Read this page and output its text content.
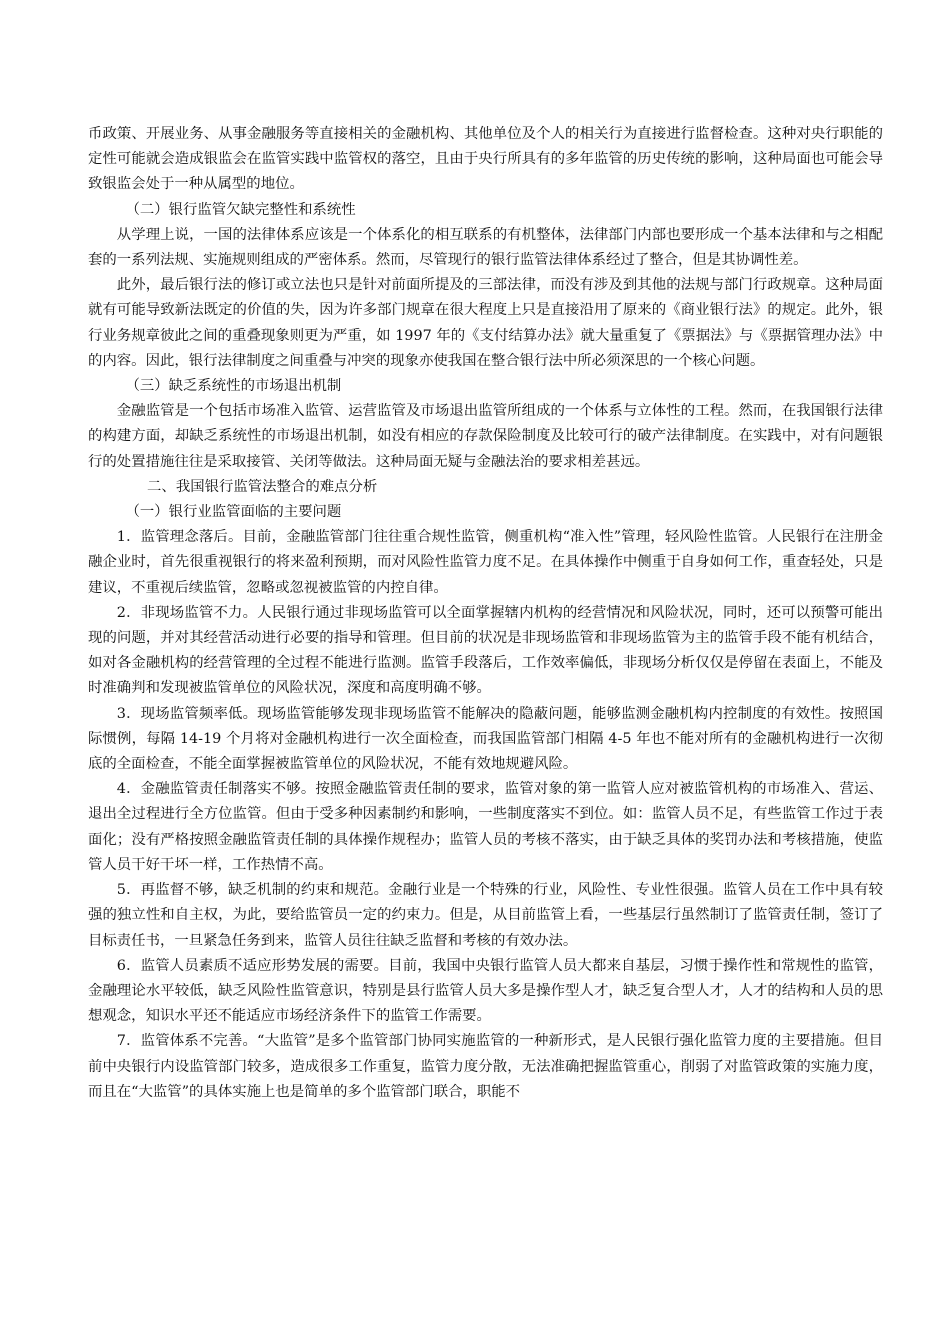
币政策、开展业务、从事金融服务等直接相关的金融机构、其他单位及个人的相关行为直接进行监督检查。这种对央行职能的定性可能就会造成银监会在监管实践中监管权的落空，且由于央行所具有的多年监管的历史传统的影响，这种局面也可能会导致银监会处于一种从属型的地位。

（二）银行监管欠缺完整性和系统性

从学理上说，一国的法律体系应该是一个体系化的相互联系的有机整体，法律部门内部也要形成一个基本法律和与之相配套的一系列法规、实施规则组成的严密体系。然而，尽管现行的银行监管法律体系经过了整合，但是其协调性差。

此外，最后银行法的修订或立法也只是针对前面所提及的三部法律，而没有涉及到其他的法规与部门行政规章。这种局面就有可能导致新法既定的价值的失，因为许多部门规章在很大程度上只是直接沿用了原来的《商业银行法》的规定。此外，银行业务规章彼此之间的重叠现象则更为严重，如 1997 年的《支付结算办法》就大量重复了《票据法》与《票据管理办法》中的内容。因此，银行法律制度之间重叠与冲突的现象亦使我国在整合银行法中所必须深思的一个核心问题。

（三）缺乏系统性的市场退出机制

金融监管是一个包括市场准入监管、运营监管及市场退出监管所组成的一个体系与立体性的工程。然而，在我国银行法律的构建方面，却缺乏系统性的市场退出机制，如没有相应的存款保险制度及比较可行的破产法律制度。在实践中，对有问题银行的处置措施往往是采取接管、关闭等做法。这种局面无疑与金融法治的要求相差甚远。

二、我国银行监管法整合的难点分析

（一）银行业监管面临的主要问题

1．监管理念落后。目前，金融监管部门往往重合规性监管，侧重机构“准入性”管理，轻风险性监管。人民银行在注册金融企业时，首先很重视银行的将来盈利预期，而对风险性监管力度不足。在具体操作中侧重于自身如何工作，重查轻处，只是建议，不重视后续监管，忽略或忽视被监管的内控自律。

2．非现场监管不力。人民银行通过非现场监管可以全面掌握辖内机构的经营情况和风险状况，同时，还可以预警可能出现的问题，并对其经营活动进行必要的指导和管理。但目前的状况是非现场监管和非现场监管为主的监管手段不能有机结合，如对各金融机构的经营管理的全过程不能进行监测。监管手段落后，工作效率偏低，非现场分析仅仅是停留在表面上，不能及时准确判和发现被监管单位的风险状况，深度和高度明确不够。

3．现场监管频率低。现场监管能够发现非现场监管不能解决的隐蔽问题，能够监测金融机构内控制度的有效性。按照国际惯例，每隔 14-19 个月将对金融机构进行一次全面检查，而我国监管部门相隔 4-5 年也不能对所有的金融机构进行一次彻底的全面检查，不能全面掌握被监管单位的风险状况，不能有效地规避风险。

4．金融监管责任制落实不够。按照金融监管责任制的要求，监管对象的第一监管人应对被监管机构的市场准入、营运、退出全过程进行全方位监管。但由于受多种因素制约和影响，一些制度落实不到位。如：监管人员不足，有些监管工作过于表面化；没有严格按照金融监管责任制的具体操作规程办；监管人员的考核不落实，由于缺乏具体的奖罚办法和考核措施，使监管人员干好干坏一样，工作热情不高。

5．再监督不够，缺乏机制的约束和规范。金融行业是一个特殊的行业，风险性、专业性很强。监管人员在工作中具有较强的独立性和自主权，为此，要给监管员一定的约束力。但是，从目前监管上看，一些基层行虽然制订了监管责任制，签订了目标责任书，一旦紧急任务到来，监管人员往往缺乏监督和考核的有效办法。

6．监管人员素质不适应形势发展的需要。目前，我国中央银行监管人员大都来自基层，习惯于操作性和常规性的监管，金融理论水平较低，缺乏风险性监管意识，特别是县行监管人员大多是操作型人才，缺乏复合型人才，人才的结构和人员的思想观念，知识水平还不能适应市场经济条件下的监管工作需要。

7．监管体系不完善。“大监管”是多个监管部门协同实施监管的一种新形式，是人民银行强化监管力度的主要措施。但目前中央银行内设监管部门较多，造成很多工作重复，监管力度分散，无法准确把握监管重心，削弱了对监管政策的实施力度，而且在“大监管”的具体实施上也是简单的多个监管部门联合，职能不
